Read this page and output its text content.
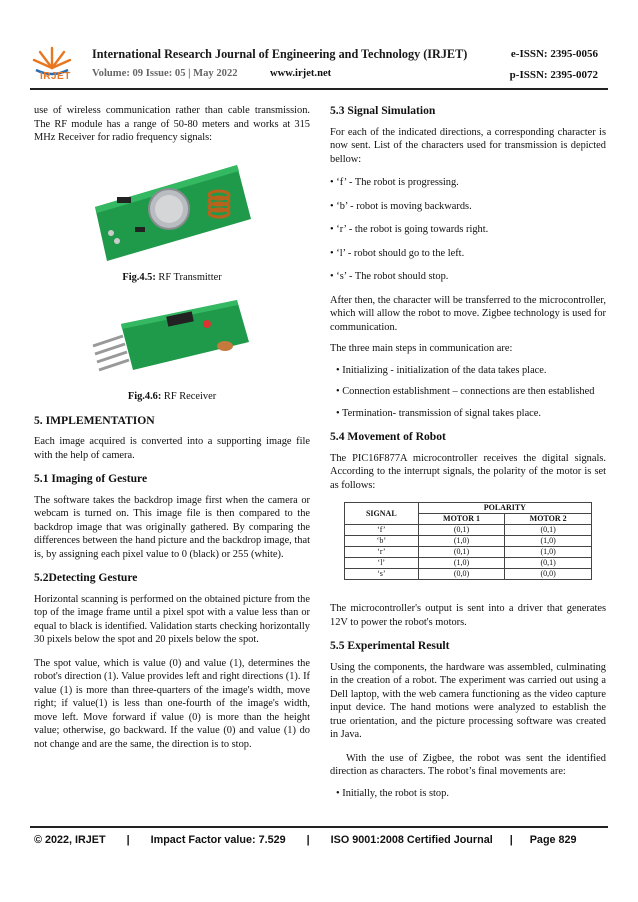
IRJET
International Research Journal of Engineering and Technology (IRJET)	e-ISSN: 2395-0056
Volume: 09 Issue: 05 | May 2022	www.irjet.net	p-ISSN: 2395-0072

use of wireless communication rather than cable transmission. The RF module has a range of 50-80 meters and works at 315 MHz Receiver for radio frequency signals:

Fig.4.5: RF Transmitter

Fig.4.6: RF Receiver

5. IMPLEMENTATION

Each image acquired is converted into a supporting image file with the help of camera.

5.1 Imaging of Gesture

The software takes the backdrop image first when the camera or webcam is turned on. This image file is then compared to the backdrop image that was originally gathered. By comparing the differences between the hand picture and the backdrop image, that is, by assigning each pixel value to 0 (black) or 255 (white).

5.2Detecting Gesture

Horizontal scanning is performed on the obtained picture from the top of the image frame until a pixel spot with a value less than or equal to black is identified. Validation starts checking horizontally 30 pixels below the spot and 20 pixels below the spot.

The spot value, which is value (0) and value (1), determines the robot's direction (1). Value provides left and right directions (1). If value (1) is more than three-quarters of the image's width, move right; if value(1) is less than one-fourth of the image's width, move left. Move forward if value (0) is more than the height value; otherwise, go backward. If the value (0) and value (1) do not change and are the same, the direction is to stop.

5.3 Signal Simulation

For each of the indicated directions, a corresponding character is now sent. List of the characters used for transmission is depicted bellow:

• ‘f’ - The robot is progressing.

• ‘b’ - robot is moving backwards.

• ‘r’ - the robot is going towards right.

• ‘l’ - robot should go to the left.

• ‘s’ - The robot should stop.

After then, the character will be transferred to the microcontroller, which will allow the robot to move. Zigbee technology is used for communication.

The three main steps in communication are:

• Initializing - initialization of the data takes place.

• Connection establishment – connections are then established

• Termination- transmission of signal takes place.

5.4 Movement of Robot

The PIC16F877A microcontroller receives the digital signals. According to the interrupt signals, the polarity of the motor is set as follows:

SIGNAL	POLARITY	
	MOTOR 1	MOTOR 2
‘f’	(0,1)	(0,1)
‘b’	(1,0)	(1,0)
‘r’	(0,1)	(1,0)
‘l’	(1,0)	(0,1)
‘s’	(0,0)	(0,0)

The microcontroller's output is sent into a driver that generates 12V to power the robot's motors.

5.5 Experimental Result

Using the components, the hardware was assembled, culminating in the creation of a robot. The experiment was carried out using a Dell laptop, with the web camera functioning as the video capture input device. The hand motions were analyzed to establish the true orientation, and the picture processing software was created in Java.

With the use of Zigbee, the robot was sent the identified direction as characters. The robot’s final movements are:

• Initially, the robot is stop.

© 2022, IRJET | Impact Factor value: 7.529 | ISO 9001:2008 Certified Journal | Page 829
